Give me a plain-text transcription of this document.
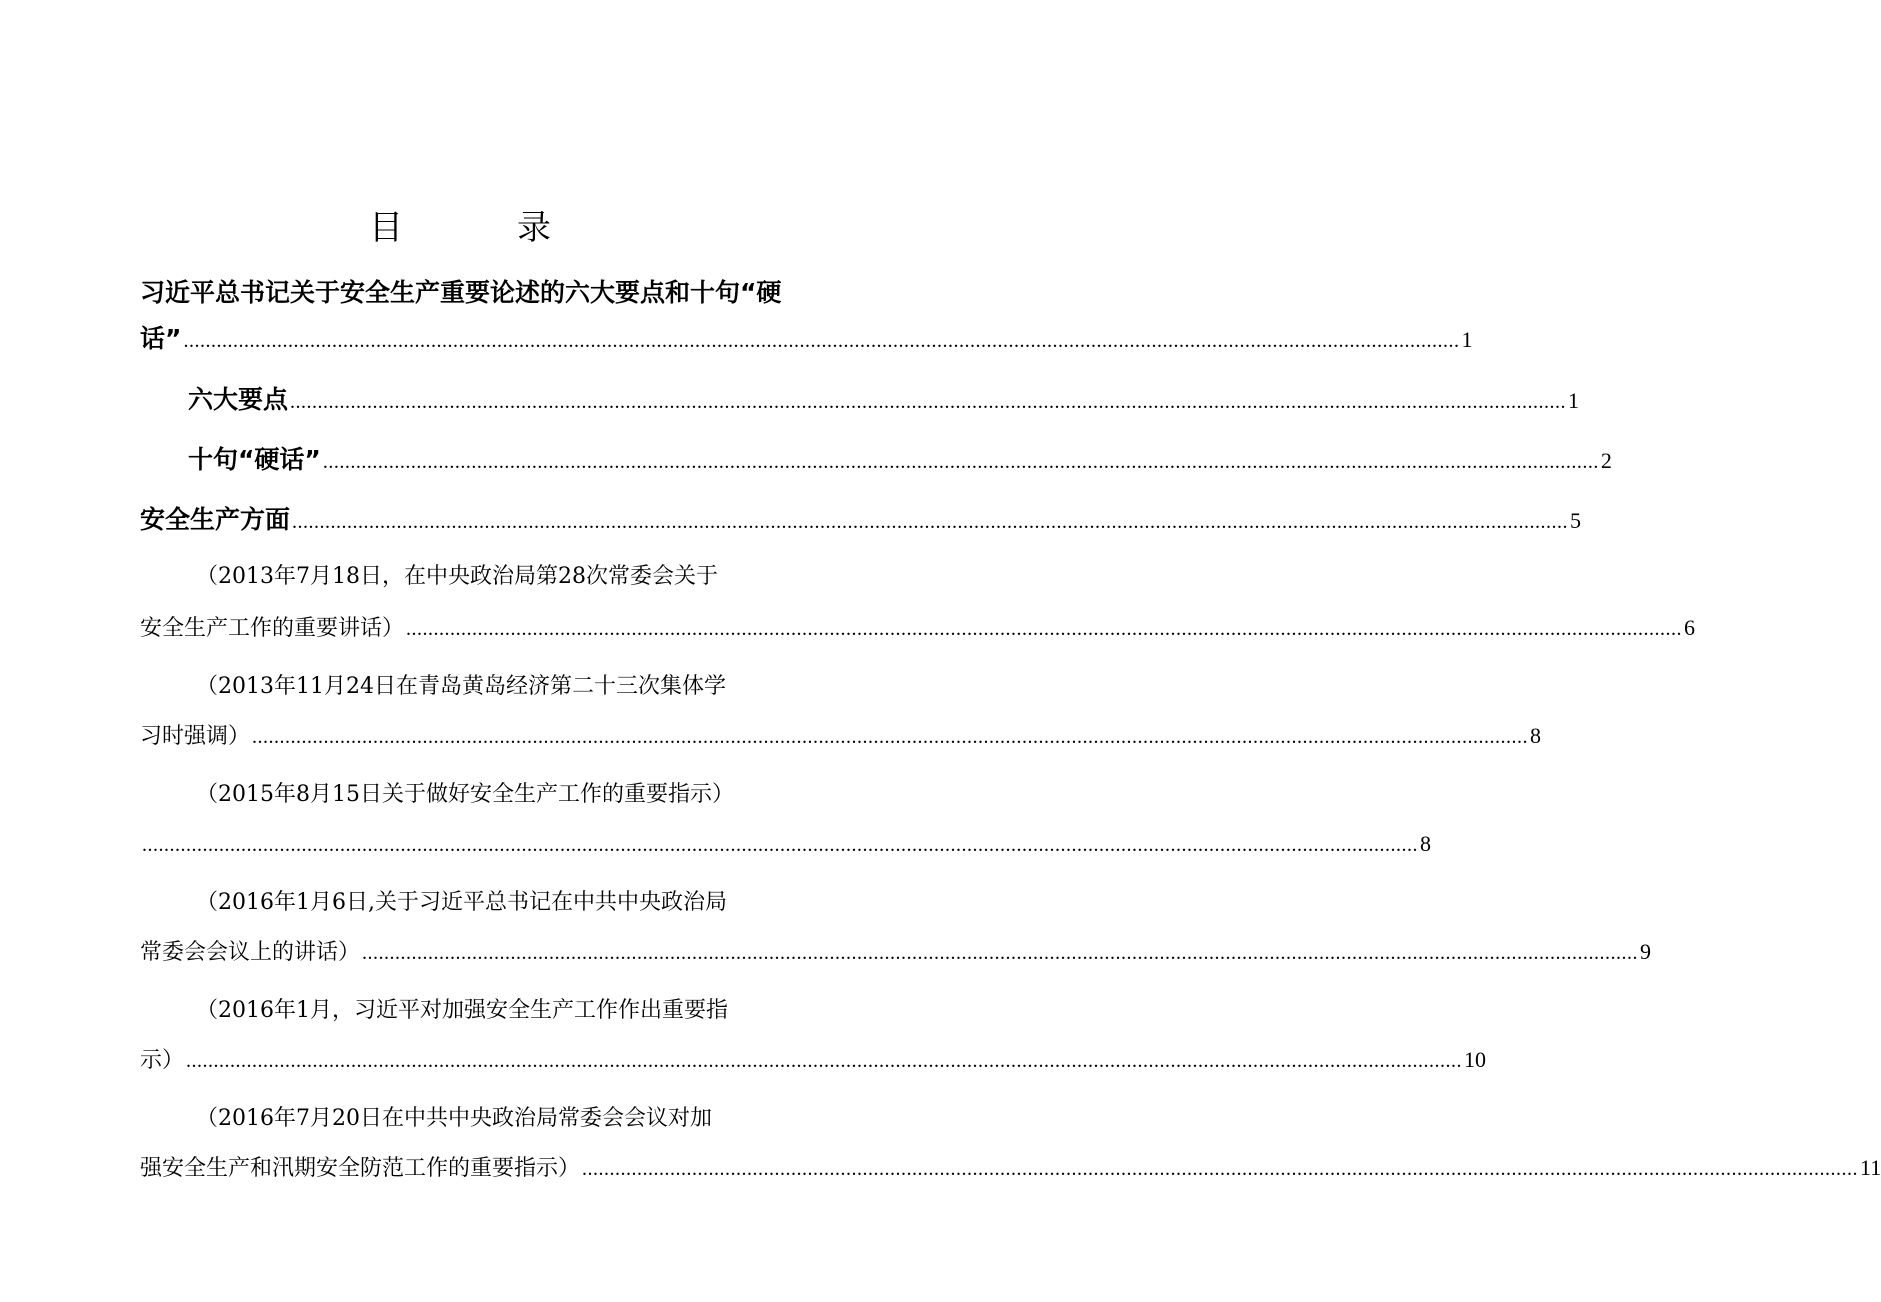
目　录
习近平总书记关于安全生产重要论述的六大要点和十句“硬
话” ........................................................................................................................................................................................................................................ 1
六大要点 ........................................................................................................................................................................................................................................ 1
十句“硬话” ........................................................................................................................................................................................................................................ 2
安全生产方面 ........................................................................................................................................................................................................................................ 5
（2013年7月18日，在中央政治局第28次常委会关于
安全生产工作的重要讲话） ........................................................................................................................................................................................................................................ 6
（2013年11月24日在青岛黄岛经济第二十三次集体学
习时强调） ........................................................................................................................................................................................................................................ 8
（2015年8月15日关于做好安全生产工作的重要指示）
........................................................................................................................................................................................................................................ 8
（2016年1月6日,关于习近平总书记在中共中央政治局
常委会会议上的讲话） ........................................................................................................................................................................................................................................ 9
（2016年1月，习近平对加强安全生产工作作出重要指
示） ........................................................................................................................................................................................................................................ 10
（2016年7月20日在中共中央政治局常委会会议对加
强安全生产和汛期安全防范工作的重要指示） ........................................................................................................................................................................................................................................ 11
